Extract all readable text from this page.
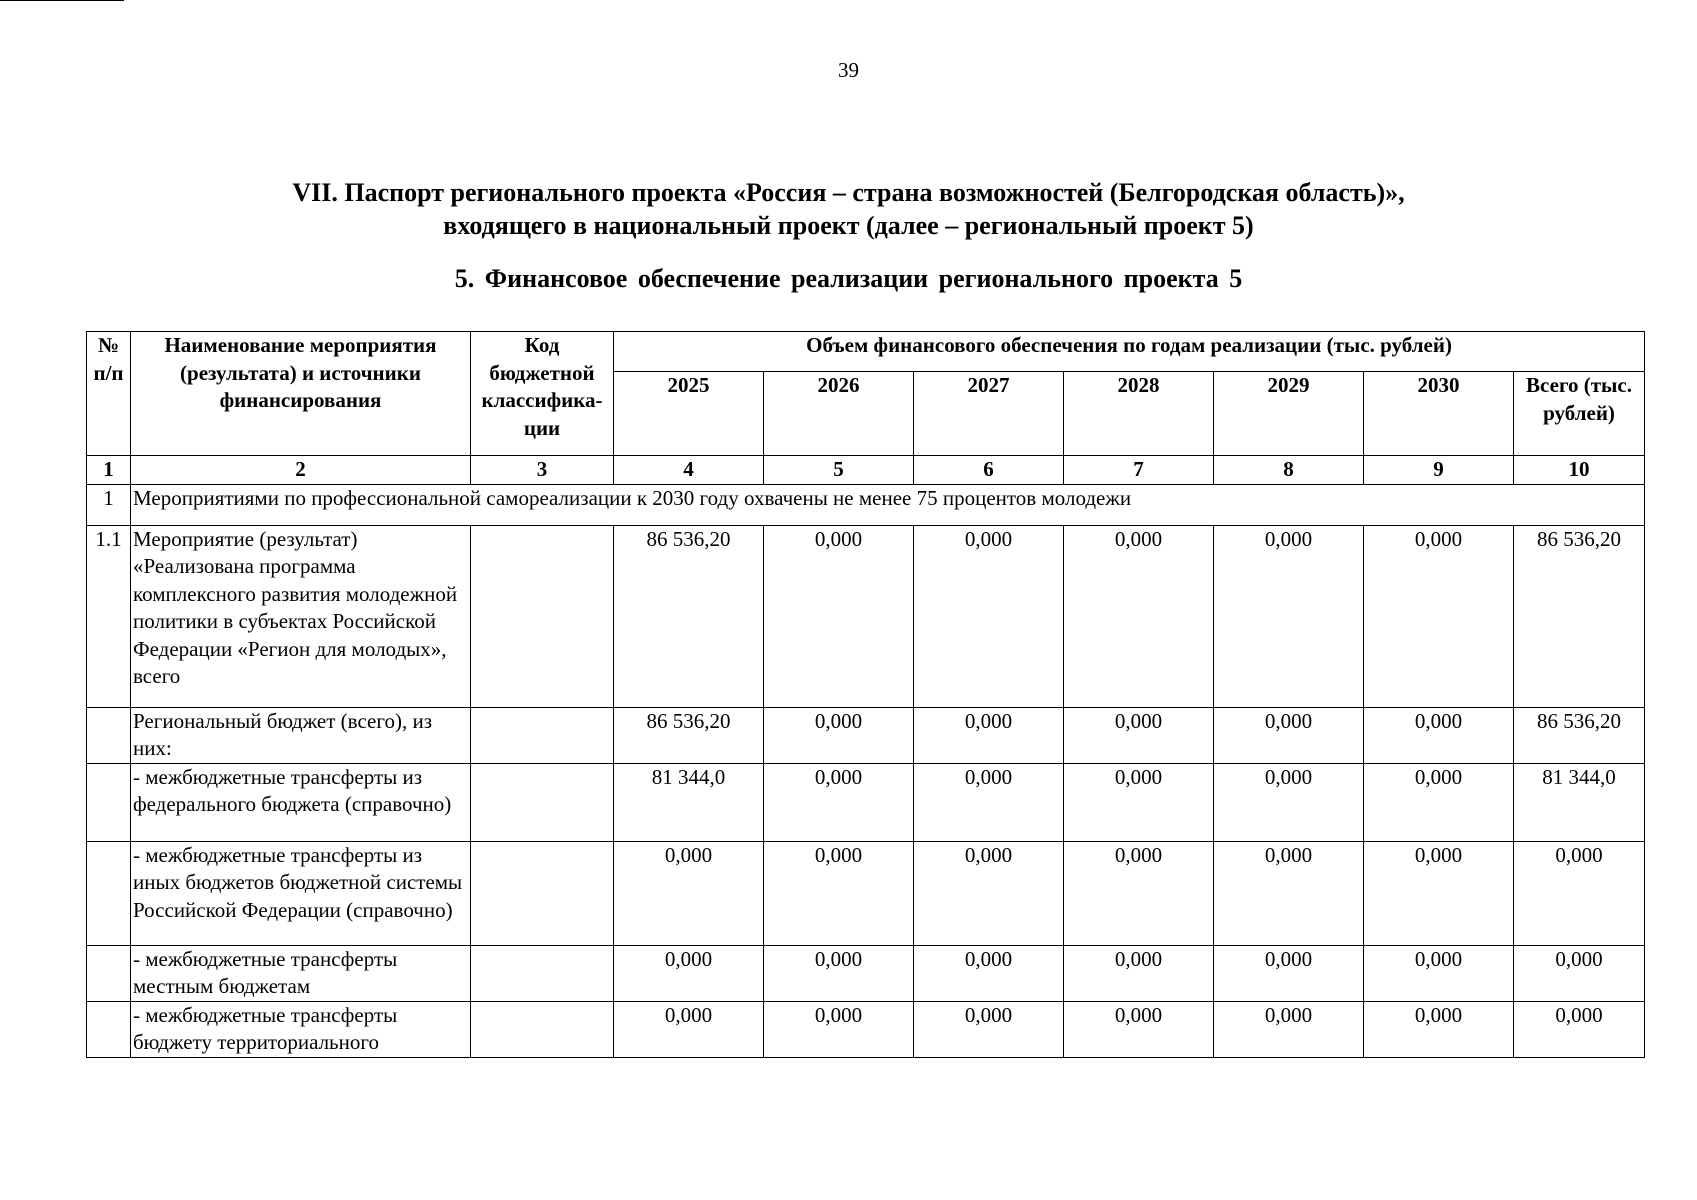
39
VII. Паспорт регионального проекта «Россия – страна возможностей (Белгородская область)»,
входящего в национальный проект (далее – региональный проект 5)
5. Финансовое обеспечение реализации регионального проекта 5
№ п/п	Наименование мероприятия (результата) и источники финансирования	Код бюджетной классифика-ции	Объем финансового обеспечения по годам реализации (тыс. рублей)						
			2025	2026	2027	2028	2029	2030	Всего (тыс. рублей)
1	2	3	4	5	6	7	8	9	10
1	Мероприятиями по профессиональной самореализации к 2030 году охвачены не менее 75 процентов молодежи								
1.1	Мероприятие (результат) «Реализована программа комплексного развития молодежной политики в субъектах Российской Федерации «Регион для молодых», всего		86 536,20	0,000	0,000	0,000	0,000	0,000	86 536,20
	Региональный бюджет (всего), из них:		86 536,20	0,000	0,000	0,000	0,000	0,000	86 536,20
	- межбюджетные трансферты из федерального бюджета (справочно)		81 344,0	0,000	0,000	0,000	0,000	0,000	81 344,0
	- межбюджетные трансферты из иных бюджетов бюджетной системы Российской Федерации (справочно)		0,000	0,000	0,000	0,000	0,000	0,000	0,000
	- межбюджетные трансферты местным бюджетам		0,000	0,000	0,000	0,000	0,000	0,000	0,000
	- межбюджетные трансферты бюджету территориального		0,000	0,000	0,000	0,000	0,000	0,000	0,000
